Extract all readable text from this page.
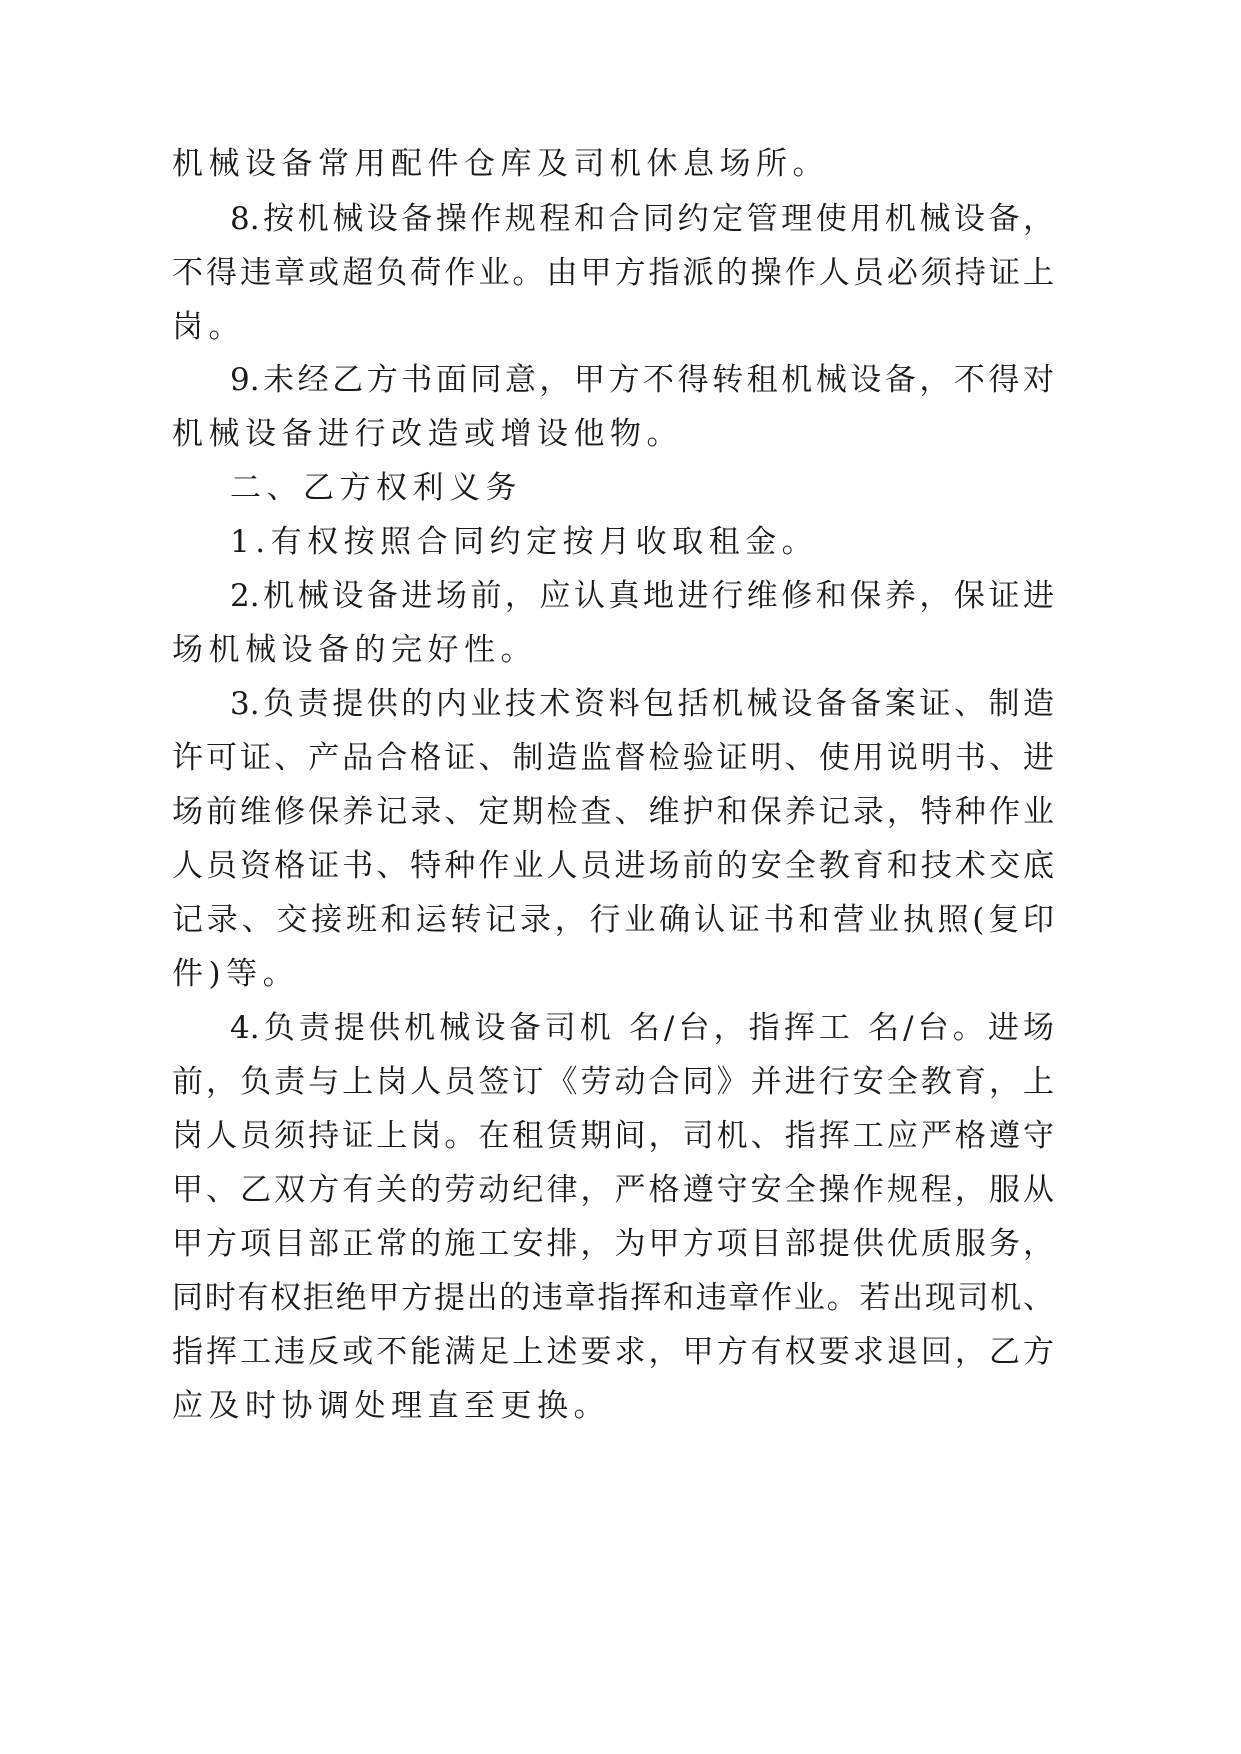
机械设备常用配件仓库及司机休息场所。
8.按机械设备操作规程和合同约定管理使用机械设备，
不得违章或超负荷作业。由甲方指派的操作人员必须持证上
岗。
9.未经乙方书面同意，甲方不得转租机械设备，不得对
机械设备进行改造或增设他物。
二、乙方权利义务
1.有权按照合同约定按月收取租金。
2.机械设备进场前，应认真地进行维修和保养，保证进
场机械设备的完好性。
3.负责提供的内业技术资料包括机械设备备案证、制造
许可证、产品合格证、制造监督检验证明、使用说明书、进
场前维修保养记录、定期检查、维护和保养记录，特种作业
人员资格证书、特种作业人员进场前的安全教育和技术交底
记录、交接班和运转记录，行业确认证书和营业执照(复印
件)等。
4.负责提供机械设备司机 名/台，指挥工 名/台。进场
前，负责与上岗人员签订《劳动合同》并进行安全教育，上
岗人员须持证上岗。在租赁期间，司机、指挥工应严格遵守
甲、乙双方有关的劳动纪律，严格遵守安全操作规程，服从
甲方项目部正常的施工安排，为甲方项目部提供优质服务，
同时有权拒绝甲方提出的违章指挥和违章作业。若出现司机、
指挥工违反或不能满足上述要求，甲方有权要求退回，乙方
应及时协调处理直至更换。
